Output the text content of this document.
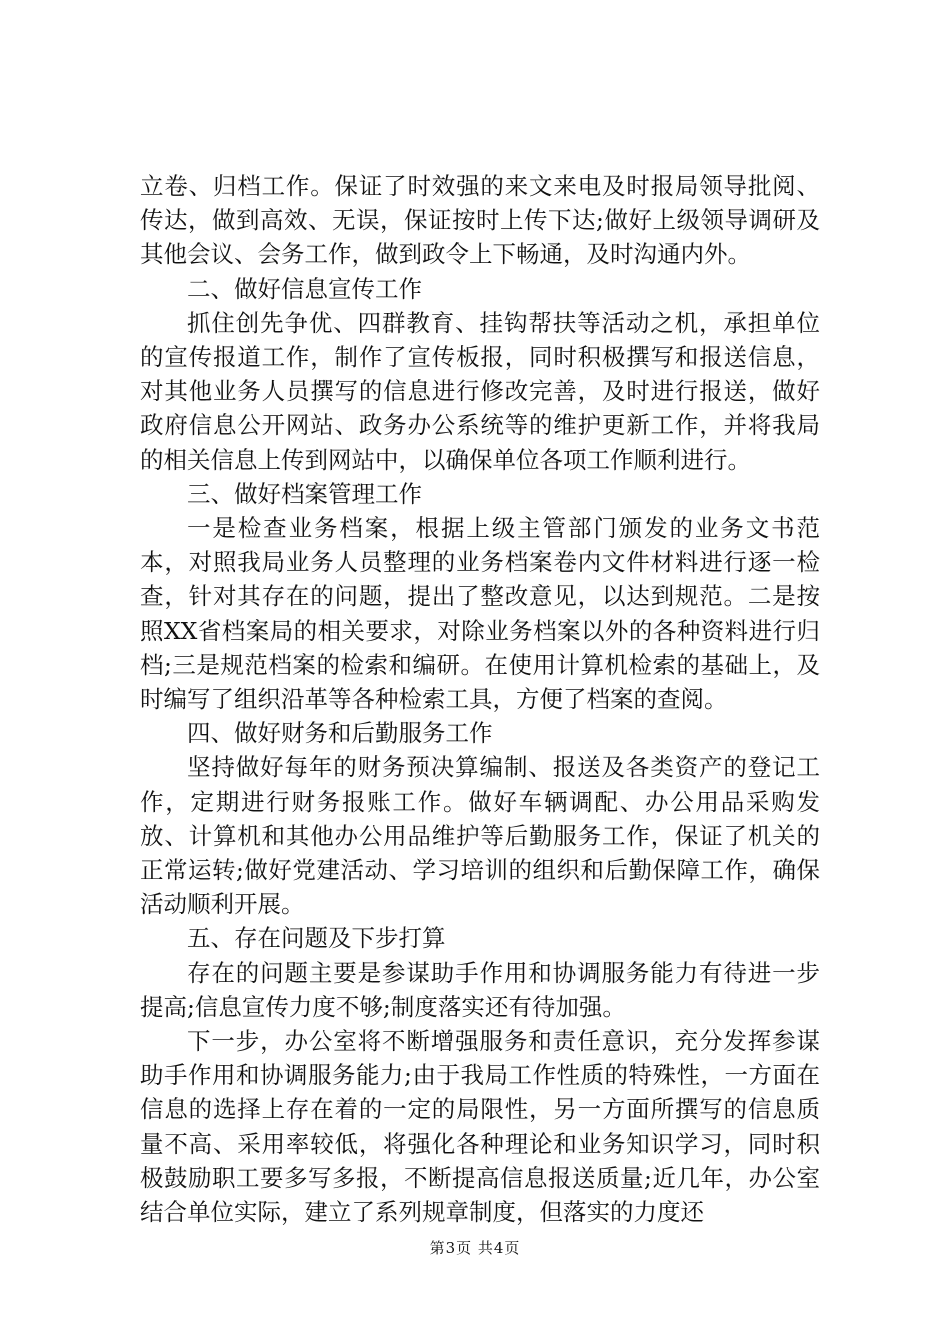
立卷、归档工作。保证了时效强的来文来电及时报局领导批阅、传达，做到高效、无误，保证按时上传下达;做好上级领导调研及其他会议、会务工作，做到政令上下畅通，及时沟通内外。

二、做好信息宣传工作

抓住创先争优、四群教育、挂钩帮扶等活动之机，承担单位的宣传报道工作，制作了宣传板报，同时积极撰写和报送信息，对其他业务人员撰写的信息进行修改完善，及时进行报送，做好政府信息公开网站、政务办公系统等的维护更新工作，并将我局的相关信息上传到网站中，以确保单位各项工作顺利进行。

三、做好档案管理工作

一是检查业务档案，根据上级主管部门颁发的业务文书范本，对照我局业务人员整理的业务档案卷内文件材料进行逐一检查，针对其存在的问题，提出了整改意见，以达到规范。二是按照XX省档案局的相关要求，对除业务档案以外的各种资料进行归档;三是规范档案的检索和编研。在使用计算机检索的基础上，及时编写了组织沿革等各种检索工具，方便了档案的查阅。

四、做好财务和后勤服务工作

坚持做好每年的财务预决算编制、报送及各类资产的登记工作，定期进行财务报账工作。做好车辆调配、办公用品采购发放、计算机和其他办公用品维护等后勤服务工作，保证了机关的正常运转;做好党建活动、学习培训的组织和后勤保障工作，确保活动顺利开展。

五、存在问题及下步打算

存在的问题主要是参谋助手作用和协调服务能力有待进一步提高;信息宣传力度不够;制度落实还有待加强。

下一步，办公室将不断增强服务和责任意识，充分发挥参谋助手作用和协调服务能力;由于我局工作性质的特殊性，一方面在信息的选择上存在着的一定的局限性，另一方面所撰写的信息质量不高、采用率较低，将强化各种理论和业务知识学习，同时积极鼓励职工要多写多报，不断提高信息报送质量;近几年，办公室结合单位实际，建立了系列规章制度，但落实的力度还

第3页 共4页
